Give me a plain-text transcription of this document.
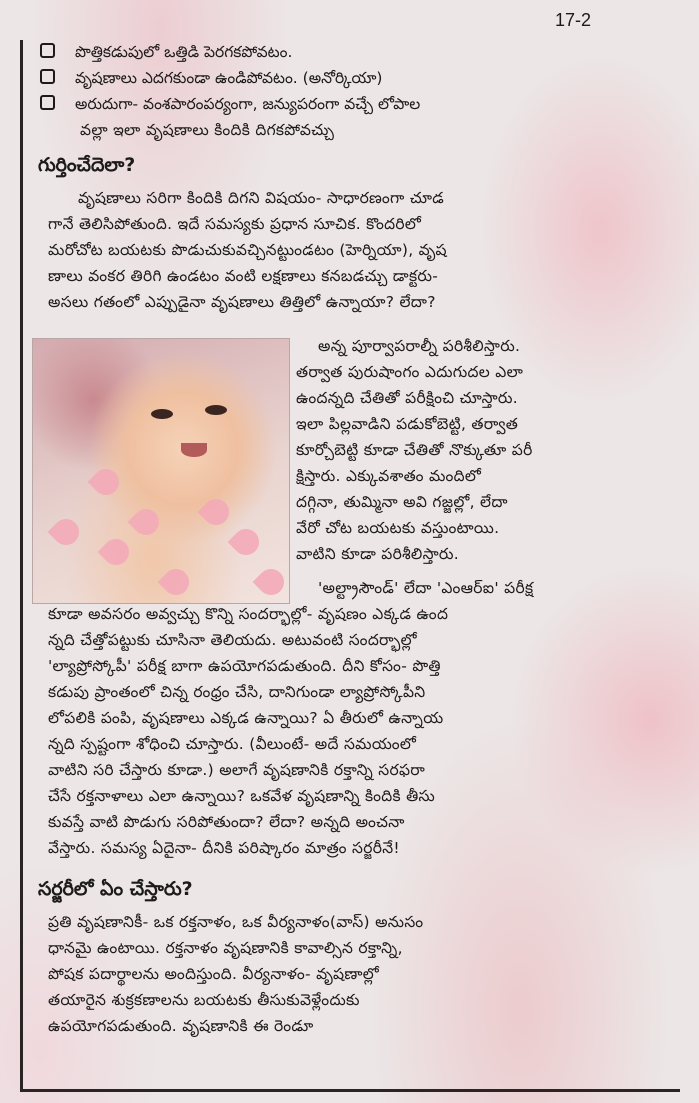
17-2
పొత్తికడుపులో ఒత్తిడి పెరగకపోవటం.
వృషణాలు ఎదగకుండా ఉండిపోవటం. (అనోర్కియా)
అరుదుగా- వంశపారంపర్యంగా, జన్యుపరంగా వచ్చే లోపాల
వల్లా ఇలా వృషణాలు కిందికి దిగకపోవచ్చు
గుర్తించేదెలా?
వృషణాలు సరిగా కిందికి దిగని విషయం- సాధారణంగా చూడ
గానే తెలిసిపోతుంది. ఇదే సమస్యకు ప్రధాన సూచిక. కొందరిలో
మరోచోట బయటకు పొడుచుకువచ్చినట్టుండటం (హెర్నియా), వృష
ణాలు వంకర తిరిగి ఉండటం వంటి లక్షణాలు కనబడచ్చు డాక్టరు-
అసలు గతంలో ఎప్పుడైనా వృషణాలు తిత్తిలో ఉన్నాయా? లేదా?
అన్న పూర్వాపరాల్నీ పరిశీలిస్తారు.
తర్వాత పురుషాంగం ఎదుగుదల ఎలా
ఉందన్నది చేతితో పరీక్షించి చూస్తారు.
ఇలా పిల్లవాడిని పడుకోబెట్టి, తర్వాత
కూర్చోబెట్టి కూడా చేతితో నొక్కుతూ పరీ
క్షిస్తారు. ఎక్కువశాతం మందిలో
దగ్గినా, తుమ్మినా అవి గజ్జల్లో, లేదా
వేరో చోట బయటకు వస్తుంటాయి.
వాటిని కూడా పరిశీలిస్తారు.
'అల్ట్రాసౌండ్' లేదా 'ఎంఆర్ఐ' పరీక్ష
కూడా అవసరం అవ్వచ్చు కొన్ని సందర్భాల్లో- వృషణం ఎక్కడ ఉంద
న్నది చేత్తోపట్టుకు చూసినా తెలియదు. అటువంటి సందర్భాల్లో
'ల్యాప్రోస్కోపీ' పరీక్ష బాగా ఉపయోగపడుతుంది. దీని కోసం- పొత్తి
కడుపు ప్రాంతంలో చిన్న రంధ్రం చేసి, దానిగుండా ల్యాప్రోస్కోపీని
లోపలికి పంపి, వృషణాలు ఎక్కడ ఉన్నాయి? ఏ తీరులో ఉన్నాయ
న్నది స్పష్టంగా శోధించి చూస్తారు. (వీలుంటే- అదే సమయంలో
వాటిని సరి చేస్తారు కూడా.) అలాగే వృషణానికి రక్తాన్ని సరఫరా
చేసే రక్తనాళాలు ఎలా ఉన్నాయి? ఒకవేళ వృషణాన్ని కిందికి తీసు
కువస్తే వాటి పొడుగు సరిపోతుందా? లేదా? అన్నది అంచనా
వేస్తారు. సమస్య ఏదైనా- దీనికి పరిష్కారం మాత్రం సర్జరీనే!
సర్జరీలో ఏం చేస్తారు?
ప్రతి వృషణానికీ- ఒక రక్తనాళం, ఒక వీర్యనాళం(వాస్) అనుసం
ధానమై ఉంటాయి. రక్తనాళం వృషణానికి కావాల్సిన రక్తాన్ని,
పోషక పదార్థాలను అందిస్తుంది. వీర్యనాళం- వృషణాల్లో
తయారైన శుక్రకణాలను బయటకు తీసుకువెళ్లేందుకు
ఉపయోగపడుతుంది. వృషణానికి ఈ రెండూ
